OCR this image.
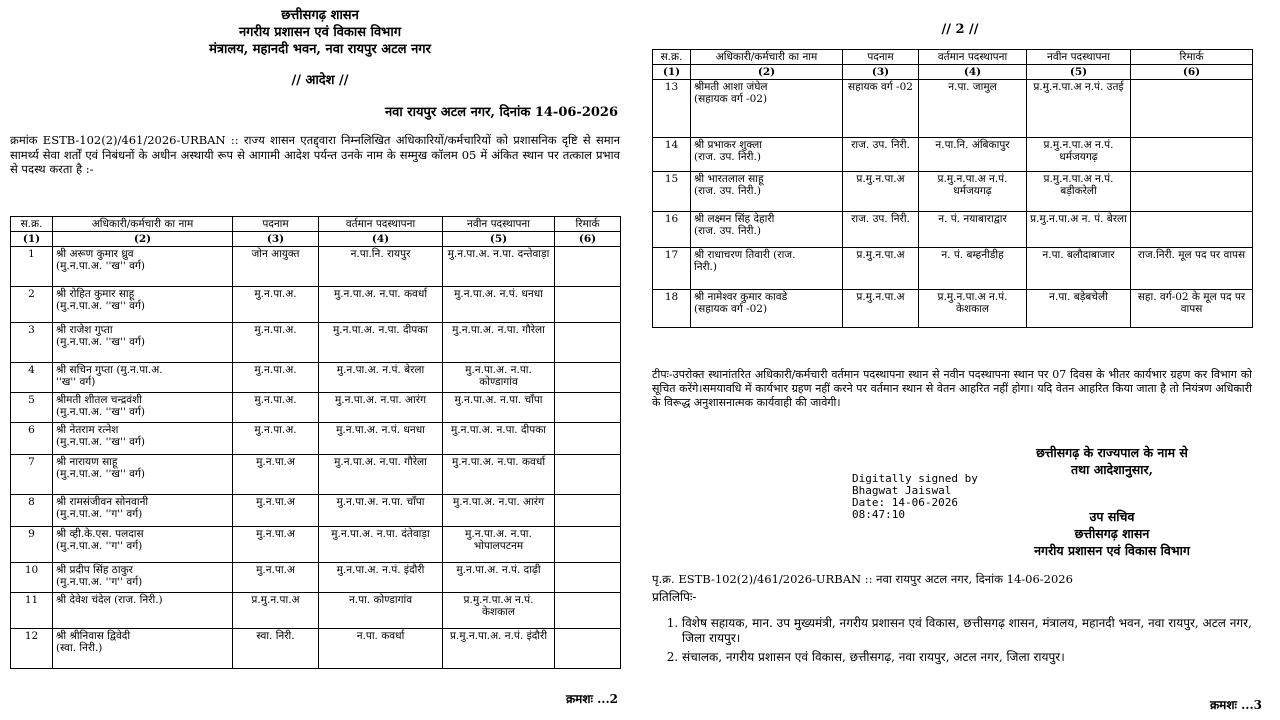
छत्तीसगढ़ शासन
नगरीय प्रशासन एवं विकास विभाग
मंत्रालय, महानदी भवन, नवा रायपुर अटल नगर
// आदेश //
नवा रायपुर अटल नगर, दिनांक 14-06-2026
क्रमांक ESTB-102(2)/461/2026-URBAN :: राज्य शासन एतद्द्वारा निम्नलिखित अधिकारियों/कर्मचारियों को प्रशासनिक दृष्टि से समान सामर्थ्य सेवा शर्तों एवं निबंधनों के अधीन अस्थायी रूप से आगामी आदेश पर्यन्त उनके नाम के सम्मुख कॉलम 05 में अंकित स्थान पर तत्काल प्रभाव से पदस्थ करता है :-
स.क्र.	अधिकारी/कर्मचारी का नाम	पदनाम	वर्तमान पदस्थापना	नवीन पदस्थापना	रिमार्क
(1)	(2)	(3)	(4)	(5)	(6)
1	श्री अरूण कुमार ध्रुव
(मु.न.पा.अ. ''ख'' वर्ग)	जोन आयुक्त	न.पा.नि. रायपुर	मु.न.पा.अ. न.पा. दन्तेवाड़ा	
2	श्री रोहित कुमार साहू
(मु.न.पा.अ. ''ख'' वर्ग)	मु.न.पा.अ.	मु.न.पा.अ. न.पा. कवर्धा	मु.न.पा.अ. न.पं. धनधा	
3	श्री राजेश गुप्ता
(मु.न.पा.अ. ''ख'' वर्ग)	मु.न.पा.अ.	मु.न.पा.अ. न.पा. दीपका	मु.न.पा.अ. न.पा. गौरेला	
4	श्री सचिन गुप्ता (मु.न.पा.अ.
''ख'' वर्ग)	मु.न.पा.अ.	मु.न.पा.अ. न.पं. बेरला	मु.न.पा.अ. न.पा. कोण्डागांव	
5	श्रीमती शीतल चन्द्रवंशी
(मु.न.पा.अ. ''ख'' वर्ग)	मु.न.पा.अ.	मु.न.पा.अ. न.पा. आरंग	मु.न.पा.अ. न.पा. चाँपा	
6	श्री नेतराम रत्नेश
(मु.न.पा.अ. ''ख'' वर्ग)	मु.न.पा.अ.	मु.न.पा.अ. न.पं. धनधा	मु.न.पा.अ. न.पा. दीपका	
7	श्री नारायण साहू
(मु.न.पा.अ. ''ख'' वर्ग)	मु.न.पा.अ	मु.न.पा.अ. न.पा. गौरेला	मु.न.पा.अ. न.पा. कवर्धा	
8	श्री रामसंजीवन सोनवानी
(मु.न.पा.अ. ''ग'' वर्ग)	मु.न.पा.अ	मु.न.पा.अ. न.पा. चाँपा	मु.न.पा.अ. न.पा. आरंग	
9	श्री व्ही.के.एस. पलदास
(मु.न.पा.अ. ''ग'' वर्ग)	मु.न.पा.अ	मु.न.पा.अ. न.पा. दंतेवाड़ा	मु.न.पा.अ. न.पा. भोपालपटनम	
10	श्री प्रदीप सिंह ठाकुर
(मु.न.पा.अ. ''ग'' वर्ग)	मु.न.पा.अ	मु.न.पा.अ. न.पं. इंदौरी	मु.न.पा.अ. न.पं. दाढ़ी	
11	श्री देवेश चंदेल (राज. निरी.)	प्र.मु.न.पा.अ	न.पा. कोण्डागांव	प्र.मु.न.पा.अ न.पं. केशकाल	
12	श्री श्रीनिवास द्विवेदी
(स्वा. निरी.)	स्वा. निरी.	न.पा. कवर्धा	प्र.मु.न.पा.अ. न.पं. इंदौरी	
क्रमशः ...2
// 2 //
स.क्र.	अधिकारी/कर्मचारी का नाम	पदनाम	वर्तमान पदस्थापना	नवीन पदस्थापना	रिमार्क
(1)	(2)	(3)	(4)	(5)	(6)
13	श्रीमती आशा जंघेल
(सहायक वर्ग -02)	सहायक वर्ग -02	न.पा. जामुल	प्र.मु.न.पा.अ न.पं. उतई	
14	श्री प्रभाकर शुक्ला
(राज. उप. निरी.)	राज. उप. निरी.	न.पा.नि. अंबिकापुर	प्र.मु.न.पा.अ न.पं. धर्मजयगढ़	
15	श्री भारतलाल साहू
(राज. उप. निरी.)	प्र.मु.न.पा.अ	प्र.मु.न.पा.अ न.पं. धर्मजयगढ़	प्र.मु.न.पा.अ न.पं. बड़ीकरेली	
16	श्री लक्ष्मन सिंह देहारी
(राज. उप. निरी.)	राज. उप. निरी.	न. पं. नयाबाराद्वार	प्र.मु.न.पा.अ न. पं. बेरला	
17	श्री राधाचरण तिवारी (राज.
निरी.)	प्र.मु.न.पा.अ	न. पं. बम्हनीडीह	न.पा. बलौदाबाजार	राज.निरी. मूल पद पर वापस
18	श्री नामेश्वर कुमार कावडे
(सहायक वर्ग -02)	प्र.मु.न.पा.अ	प्र.मु.न.पा.अ न.पं. केशकाल	न.पा. बड़ेबचेली	सहा. वर्ग-02 के मूल पद पर वापस
टीपः-उपरोक्त स्थानांतरित अधिकारी/कर्मचारी वर्तमान पदस्थापना स्थान से नवीन पदस्थापना स्थान पर 07 दिवस के भीतर कार्यभार ग्रहण कर विभाग को सूचित करेंगे।समयावधि में कार्यभार ग्रहण नहीं करने पर वर्तमान स्थान से वेतन आहरित नहीं होगा। यदि वेतन आहरित किया जाता है तो नियंत्रण अधिकारी के विरूद्ध अनुशासनात्मक कार्यवाही की जावेगी।
छत्तीसगढ़ के राज्यपाल के नाम से
तथा आदेशानुसार,
Digitally signed by
Bhagwat Jaiswal
Date: 14-06-2026
08:47:10	उप सचिव
छत्तीसगढ़ शासन
नगरीय प्रशासन एवं विकास विभाग
पृ.क्र. ESTB-102(2)/461/2026-URBAN :: नवा रायपुर अटल नगर, दिनांक 14-06-2026
प्रतिलिपिः-
1. विशेष सहायक, मान. उप मुख्यमंत्री, नगरीय प्रशासन एवं विकास, छत्तीसगढ़ शासन, मंत्रालय, महानदी भवन, नवा रायपुर, अटल नगर, जिला रायपुर।
2. संचालक, नगरीय प्रशासन एवं विकास, छत्तीसगढ़, नवा रायपुर, अटल नगर, जिला रायपुर।
क्रमशः ...3
